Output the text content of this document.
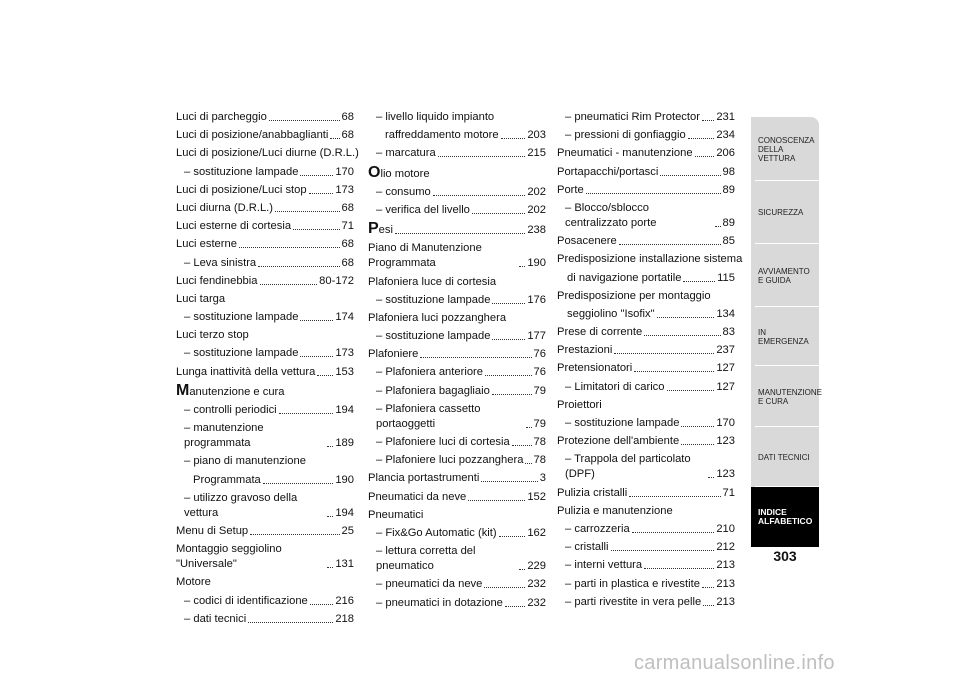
Luci di parcheggio	68
Luci di posizione/anabbaglianti 68
Luci di posizione/Luci diurne (D.R.L.)
– sostituzione lampade	170
Luci di posizione/Luci stop	173
Luci diurna (D.R.L.)	68
Luci esterne di cortesia	71
Luci esterne	68
– Leva sinistra	68
Luci fendinebbia	80-172
Luci targa
– sostituzione lampade	174
Luci terzo stop
– sostituzione lampade	173
Lunga inattività della vettura 153
Manutenzione e cura
– controlli periodici	194
– manutenzione programmata	189
– piano di manutenzione
Programmata	190
– utilizzo gravoso della vettura	194
Menu di Setup	25
Montaggio seggiolino "Universale"	131
Motore
– codici di identificazione 216
– dati tecnici	218
– livello liquido impianto
raffreddamento motore	203
– marcatura	215
Olio motore
– consumo	202
– verifica del livello	202
Pesi	238
Piano di Manutenzione Programmata	190
Plafoniera luce di cortesia
– sostituzione lampade	176
Plafoniera luci pozzanghera
– sostituzione lampade	177
Plafoniere	76
– Plafoniera anteriore	76
– Plafoniera bagagliaio	79
– Plafoniera cassetto portaoggetti	79
– Plafoniere luci di cortesia 78
– Plafoniere luci pozzanghera 78
Plancia portastrumenti	3
Pneumatici da neve	152
Pneumatici
– Fix&Go Automatic (kit)	162
– lettura corretta del pneumatico	229
– pneumatici da neve	232
– pneumatici in dotazione 232
– pneumatici Rim Protector 231
– pressioni di gonfiaggio	234
Pneumatici - manutenzione 206
Portapacchi/portasci	98
Porte	89
– Blocco/sblocco centralizzato porte	89
Posacenere	85
Predisposizione installazione sistema
di navigazione portatile	115
Predisposizione per montaggio
seggiolino "Isofix"	134
Prese di corrente	83
Prestazioni	237
Pretensionatori	127
– Limitatori di carico	127
Proiettori
– sostituzione lampade	170
Protezione dell'ambiente	123
– Trappola del particolato (DPF)	123
Pulizia cristalli	71
Pulizia e manutenzione
– carrozzeria	210
– cristalli	212
– interni vettura	213
– parti in plastica e rivestite 213
– parti rivestite in vera pelle 213
CONOSCENZA DELLA VETTURA
SICUREZZA
AVVIAMENTO E GUIDA
IN EMERGENZA
MANUTENZIONE E CURA
DATI TECNICI
INDICE ALFABETICO
303
carmanualsonline.info
